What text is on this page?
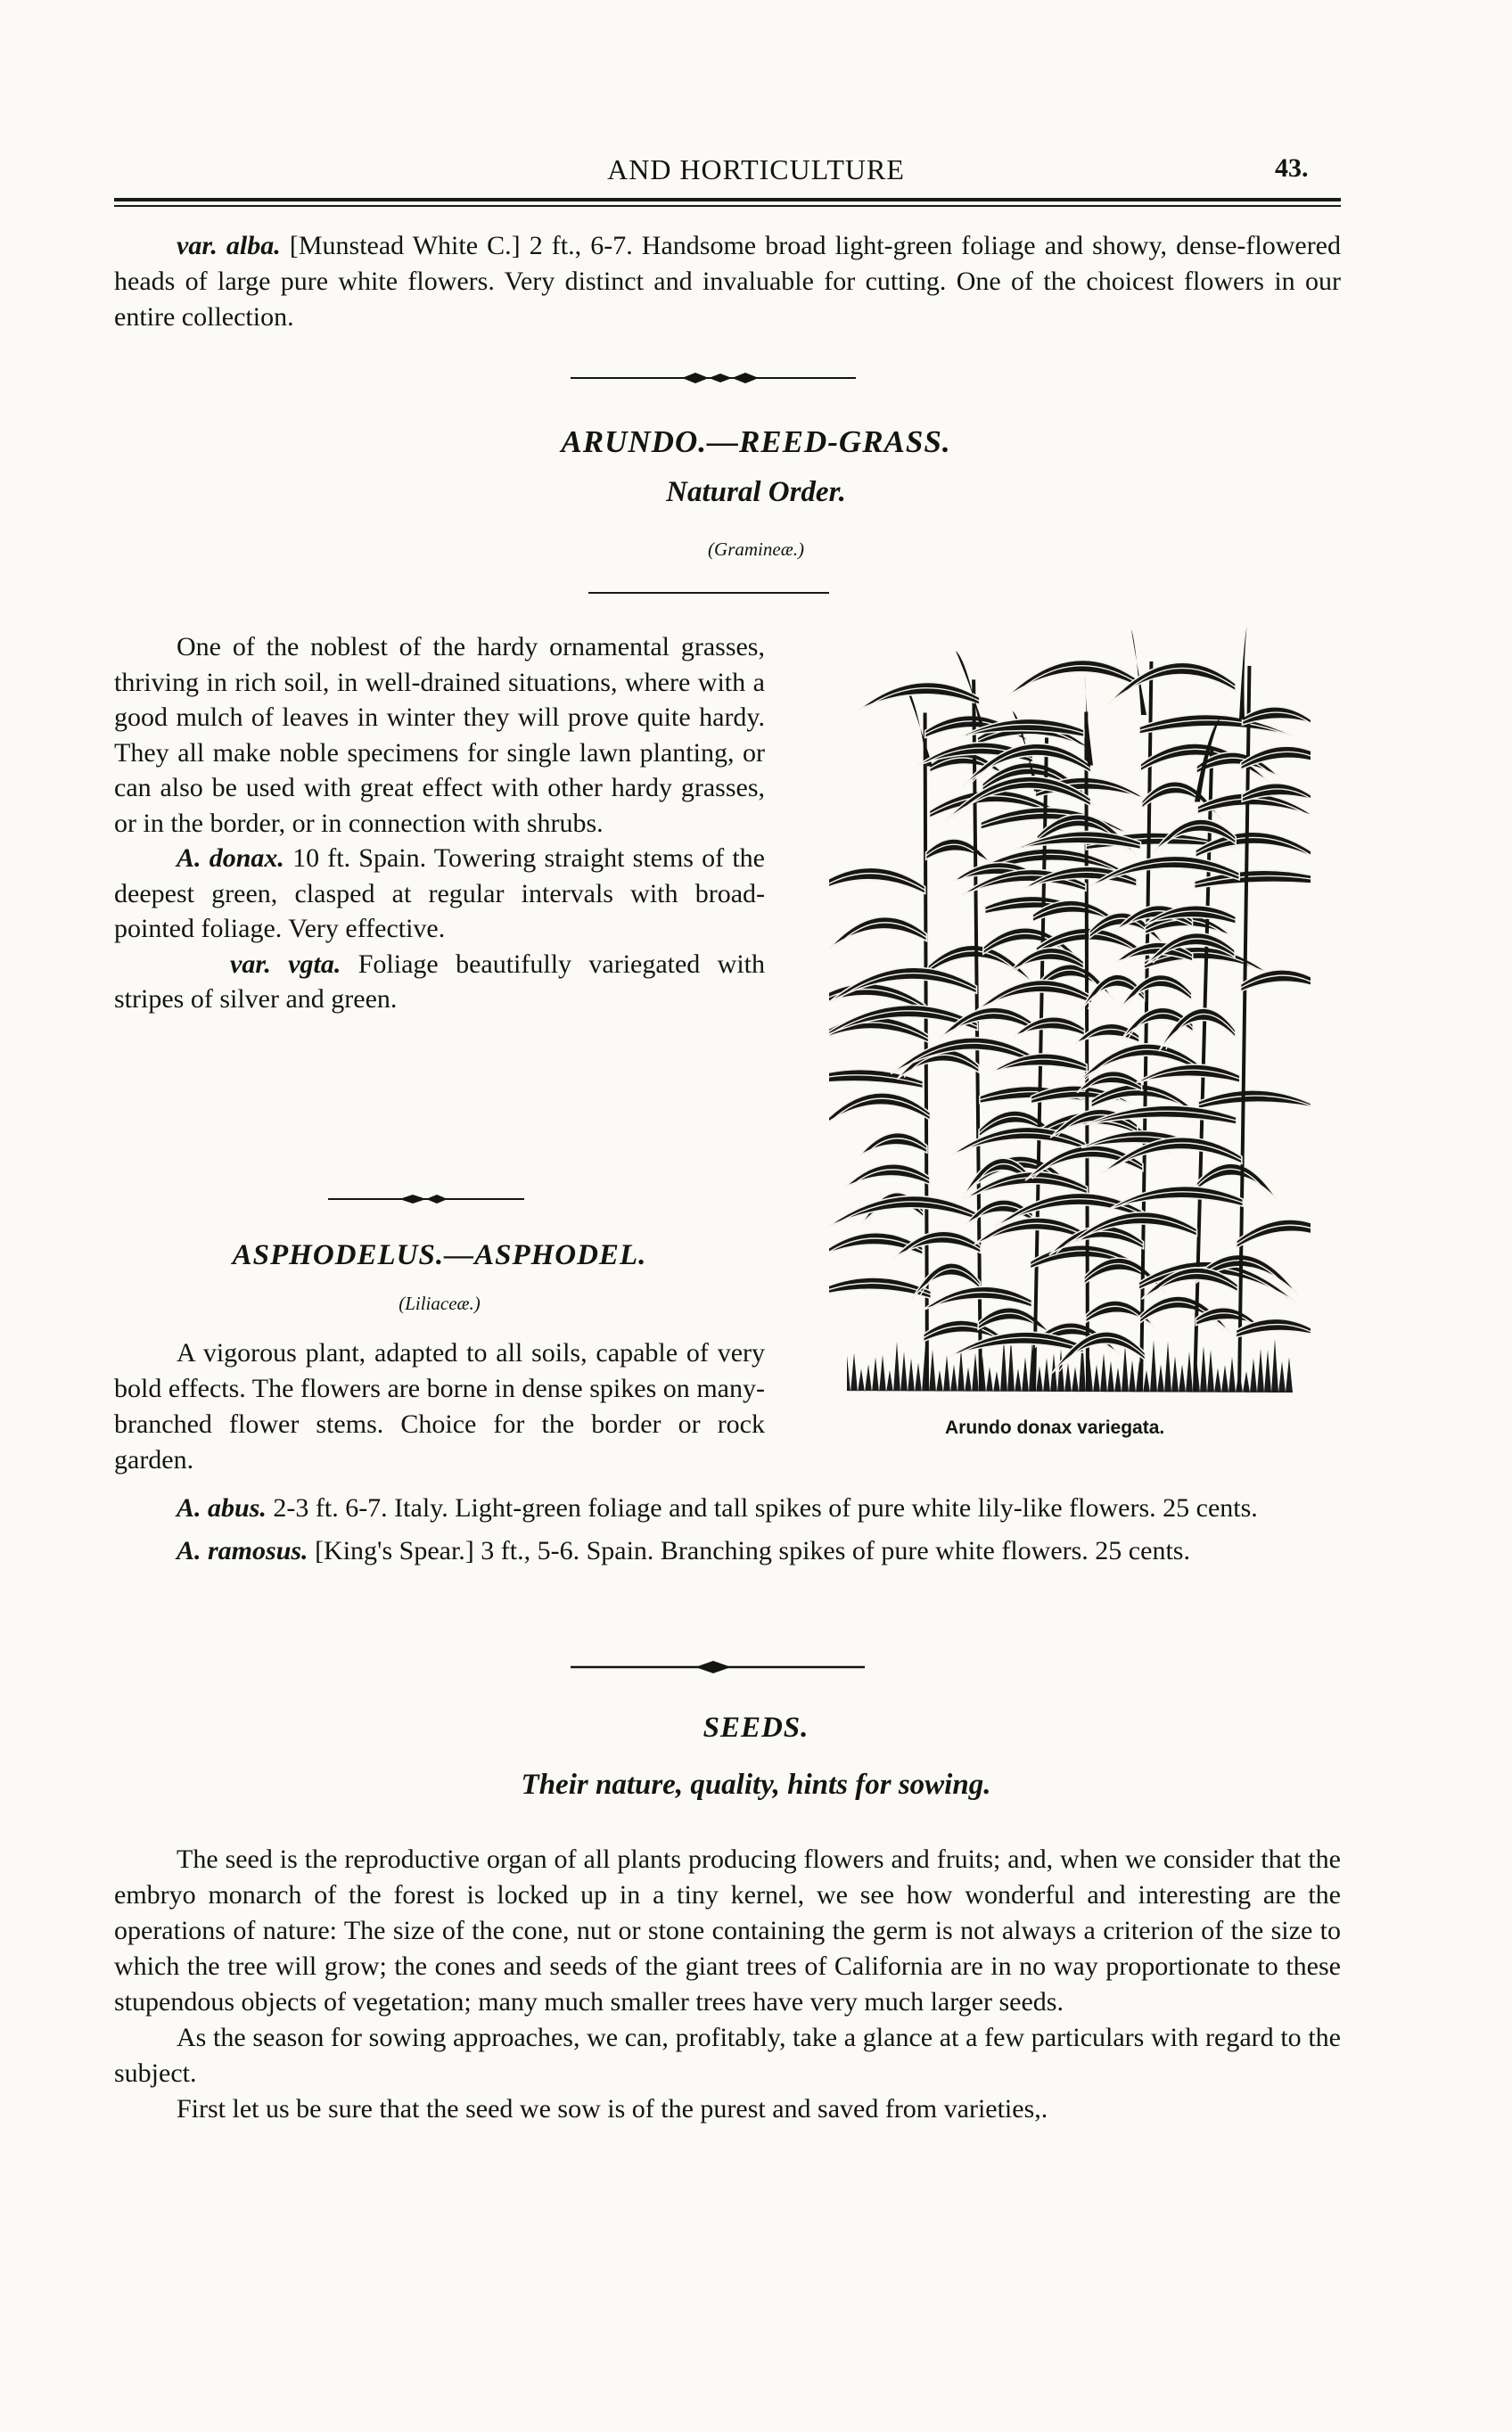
AND HORTICULTURE	43.

var. alba. [Munstead White C.] 2 ft., 6-7. Handsome broad light-green foliage and showy, dense-flowered heads of large pure white flowers. Very distinct and invaluable for cutting. One of the choicest flowers in our entire collection.

ARUNDO.—REED-GRASS.
Natural Order.
(Gramineæ.)

One of the noblest of the hardy ornamental grasses, thriving in rich soil, in well-drained situations, where with a good mulch of leaves in winter they will prove quite hardy. They all make noble specimens for single lawn planting, or can also be used with great effect with other hardy grasses, or in the border, or in connection with shrubs.

A. donax. 10 ft. Spain. Towering straight stems of the deepest green, clasped at regular intervals with broad-pointed foliage. Very effective.

var. vgta. Foliage beautifully variegated with stripes of silver and green.

Arundo donax variegata.
ASPHODELUS.—ASPHODEL.
(Liliaceæ.)

A vigorous plant, adapted to all soils, capable of very bold effects. The flowers are borne in dense spikes on many-branched flower stems. Choice for the border or rock garden.

A. abus. 2-3 ft. 6-7. Italy. Light-green foliage and tall spikes of pure white lily-like flowers. 25 cents.

A. ramosus. [King's Spear.] 3 ft., 5-6. Spain. Branching spikes of pure white flowers. 25 cents.

SEEDS.
Their nature, quality, hints for sowing.

The seed is the reproductive organ of all plants producing flowers and fruits; and, when we consider that the embryo monarch of the forest is locked up in a tiny kernel, we see how wonderful and interesting are the operations of nature: The size of the cone, nut or stone containing the germ is not always a criterion of the size to which the tree will grow; the cones and seeds of the giant trees of California are in no way proportionate to these stupendous objects of vegetation; many much smaller trees have very much larger seeds.

As the season for sowing approaches, we can, profitably, take a glance at a few particulars with regard to the subject.

First let us be sure that the seed we sow is of the purest and saved from varieties,.
